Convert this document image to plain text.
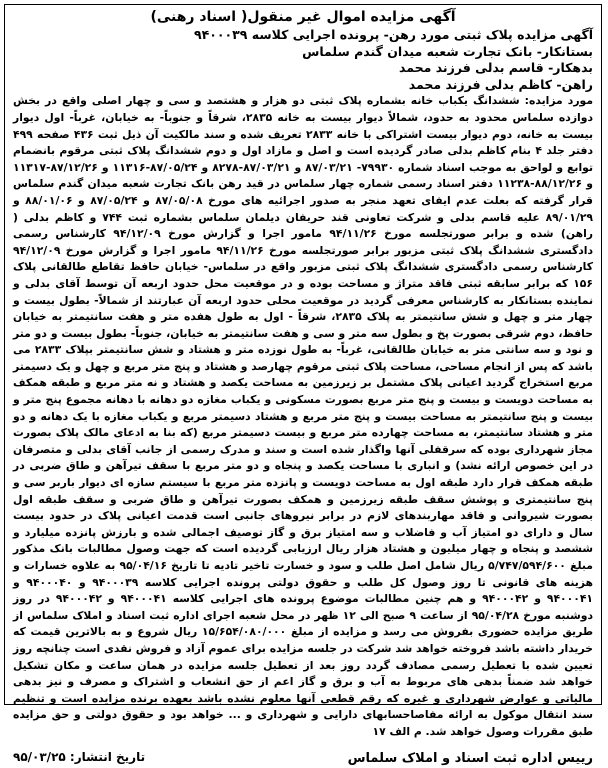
آگهی مزایده اموال غیر منقول( اسناد رهنی)
آگهی مزایده پلاک ثبتی مورد رهن- پرونده اجرایی کلاسه ۹۴۰۰۰۳۹
بستانکار- بانک تجارت شعبه میدان گندم سلماس
بدهکار- قاسم بدلی فرزند محمد
راهن- کاظم بدلی فرزند محمد

مورد مزایده: ششدانگ یکباب خانه بشماره پلاک ثبتی دو هزار و هشتصد و سی و چهار اصلی واقع در بخش دوازده سلماس محدود به حدود، شمالاً دیوار بیست به خانه ۲۸۳۵، شرقاً و جنوباً- به خیابان، غرباً- اول دیوار بیست به خانه، دوم دیوار بیست اشتراکی با خانه ۲۸۳۳ تعریف شده و سند مالکیت آن ذیل ثبت ۴۳۶ صفحه ۴۹۹ دفتر جلد ۴ بنام کاظم بدلی صادر گردیده است و اصل و مازاد اول و دوم ششدانگ پلاک ثبتی مرقوم بانضمام توابع و لواحق به موجب اسناد شماره ۷۹۹۳۰- ۸۷/۰۳/۲۱ و ۸۷/۰۳/۲۱-۸۲۷۸ و ۸۷/۰۵/۲۴-۱۱۳۱۶ و ۸۷/۱۲/۲۶-۱۱۳۱۷ و ۸۸/۱۲/۲۶-۱۱۲۳۸ دفتر اسناد رسمی شماره چهار سلماس در قید رهن بانک تجارت شعبه میدان گندم سلماس قرار گرفته که بعلت عدم ایفای تعهد منجر به صدور اجرائیه های مورخ ۸۷/۰۵/۰۸ و ۸۷/۰۵/۲۴ و ۸۸/۰۱/۰۶ و ۸۹/۰۱/۲۹ علیه قاسم بدلی و شرکت تعاونی قند حریفان دیلمان سلماس بشماره ثبت ۷۴۴ و کاظم بدلی ( راهن) شده و برابر صورتجلسه مورخ ۹۴/۱۱/۲۶ مامور اجرا و گزارش مورخ ۹۴/۱۲/۰۹ کارشناس رسمی دادگستری ششدانگ پلاک ثبتی مزبور برابر صورتجلسه مورخ ۹۴/۱۱/۲۶ مامور اجرا و گزارش مورخ ۹۴/۱۲/۰۹ کارشناس رسمی دادگستری ششدانگ پلاک ثبتی مزبور واقع در سلماس- خیابان حافظ تقاطع طالقانی پلاک ۱۵۶ که برابر سابقه ثبتی فاقد متراژ و مساحت بوده و در موقعیت محل حدود اربعه آن توسط آقای بدلی و نماینده بستانکار به کارشناس معرفی گردید در موقعیت محلی حدود اربعه آن عبارتند از شمالاً- بطول بیست و چهار متر و چهل و شش سانتیمتر به پلاک ۲۸۳۵، شرقاً - اول به طول هفده متر و هفت سانتیمتر به خیابان حافظ، دوم شرقی بصورت پخ و بطول سه متر و سی و هفت سانتیمتر به خیابان، جنوباً- بطول بیست و دو متر و نود و سه سانتی متر به خیابان طالقانی، غرباً- به طول نوزده متر و هشتاد و شش سانتیمتر بپلاک ۲۸۳۳ می باشد که پس از انجام مساحی، مساحت پلاک ثبتی مرقوم چهارصد و هشتاد و پنج متر مربع و چهل و یک دسیمتر مربع استخراج گردید اعیانی پلاک مشتمل بر زیرزمین به مساحت یکصد و هشتاد و نه متر مربع و طبقه همکف به مساحت دویست و بیست و پنج متر مربع بصورت مسکونی و یکباب مغازه دو دهانه با دهانه مجموع پنج متر و بیست و پنج سانتیمتر به مساحت بیست و پنج متر مربع و هشتاد دسیمتر مربع و یکباب مغازه با یک دهانه و دو متر و هشتاد سانتیمتر، به مساحت چهارده متر مربع و بیست دسیمتر مربع (که بنا به ادعای مالک پلاک بصورت مجاز شهرداری بوده که سرقفلی آنها واگذار شده است و سند و مدرک رسمی از جانب آقای بدلی و متصرفان در این خصوص ارائه نشد) و انباری با مساحت یکصد و پنجاه و دو متر مربع با سقف تیرآهن و طاق ضربی در طبقه همکف قرار دارد طبقه اول به مساحت دویست و پانزده متر مربع با سیستم سازه ای دیوار باربر سی و پنج سانتیمتری و پوشش سقف طبقه زیرزمین و همکف بصورت تیرآهن و طاق ضربی و سقف طبقه اول بصورت شیروانی و فاقد مهاربندهای لازم در برابر نیروهای جانبی است قدمت اعیانی پلاک در حدود بیست سال و دارای دو امتیاز آب و فاضلاب و سه امتیاز برق و گاز توصیف اجمالی شده و بارزش پانزده میلیارد و ششصد و پنجاه و چهار میلیون و هشتاد هزار ریال ارزیابی گردیده است که جهت وصول مطالبات بانک مذکور مبلغ ۵/۷۴۷/۵۹۴/۶۰۰ ریال شامل اصل طلب و سود و خسارت تاخیر تادیه تا تاریخ ۹۵/۰۴/۱۶ به علاوه خسارات و هزینه های قانونی تا روز وصول کل طلب و حقوق دولتی پرونده اجرایی کلاسه ۹۴۰۰۰۳۹ و ۹۴۰۰۰۴۰ و ۹۴۰۰۰۴۱ و ۹۴۰۰۰۴۲ و هم چنین مطالبات موضوع پرونده های اجرایی کلاسه ۹۴۰۰۰۴۱ و ۹۴۰۰۰۴۲ در روز دوشنبه مورخ ۹۵/۰۴/۲۸ از ساعت ۹ صبح الی ۱۲ ظهر در محل شعبه اجرای اداره ثبت اسناد و املاک سلماس از طریق مزایده حضوری بفروش می رسد و مزایده از مبلغ ۱۵/۶۵۴/۰۸۰/۰۰۰ ریال شروع و به بالاترین قیمت که خریدار داشته باشد فروخته خواهد شد شرکت در جلسه مزایده برای عموم آزاد و فروش نقدی است چنانچه روز تعیین شده با تعطیل رسمی مصادف گردد روز بعد از تعطیل جلسه مزایده در همان ساعت و مکان تشکیل خواهد شد ضمناً بدهی های مربوط به آب و برق و گاز اعم از حق انشعاب و اشتراک و مصرف و نیز بدهی مالیاتی و عوارض شهرداری و غیره که رقم قطعی آنها معلوم نشده باشد بعهده برنده مزایده است و تنظیم سند انتقال موکول به ارائه مفاصاحسابهای دارایی و شهرداری و ... خواهد بود و حقوق دولتی و حق مزایده طبق مقررات وصول خواهد شد. م الف ۱۷

تاریخ انتشار: ۹۵/۰۳/۲۵	رییس اداره ثبت اسناد و املاک سلماس
